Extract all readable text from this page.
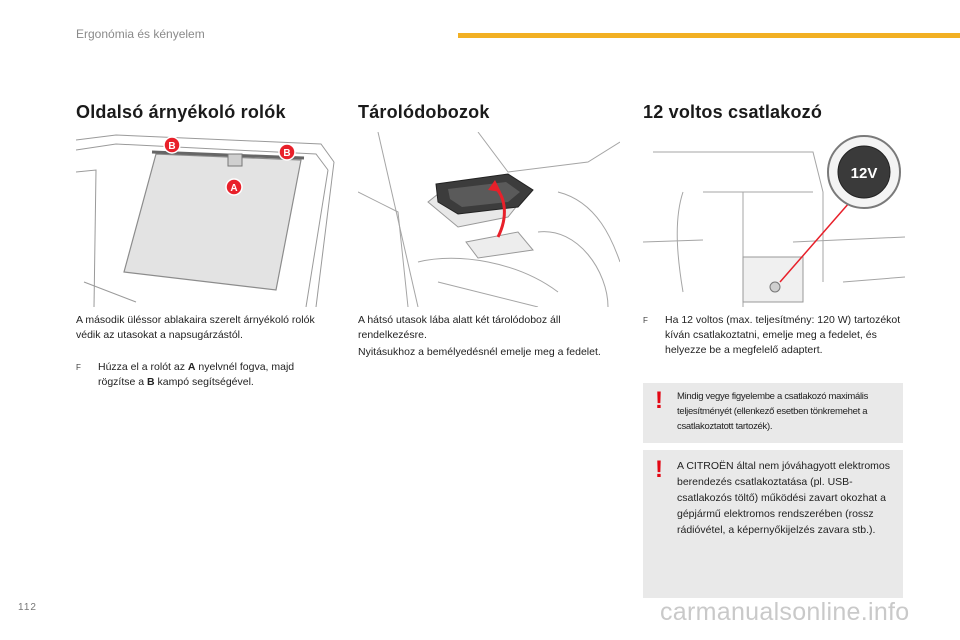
Ergonómia és kényelem
Oldalsó árnyékoló rolók
B
B
A
A második üléssor ablakaira szerelt árnyékoló rolók védik az utasokat a napsugárzástól.
F	Húzza el a rolót az A nyelvnél fogva, majd rögzítse a B kampó segítségével.
Tárolódobozok
A hátsó utasok lába alatt két tárolódoboz áll rendelkezésre.
Nyitásukhoz a bemélyedésnél emelje meg a fedelet.
12 voltos csatlakozó
12V
F	Ha 12 voltos (max. teljesítmény: 120 W) tartozékot kíván csatlakoztatni, emelje meg a fedelet, és helyezze be a megfelelő adaptert.
! Mindig vegye figyelembe a csatlakozó maximális teljesítményét (ellenkező esetben tönkremehet a csatlakoztatott tartozék).
! A CITROËN által nem jóváhagyott elektromos berendezés csatlakoztatása (pl. USB-csatlakozós töltő) működési zavart okozhat a gépjármű elektromos rendszerében (rossz rádióvétel, a képernyőkijelzés zavara stb.).
112	carmanualsonline.info
